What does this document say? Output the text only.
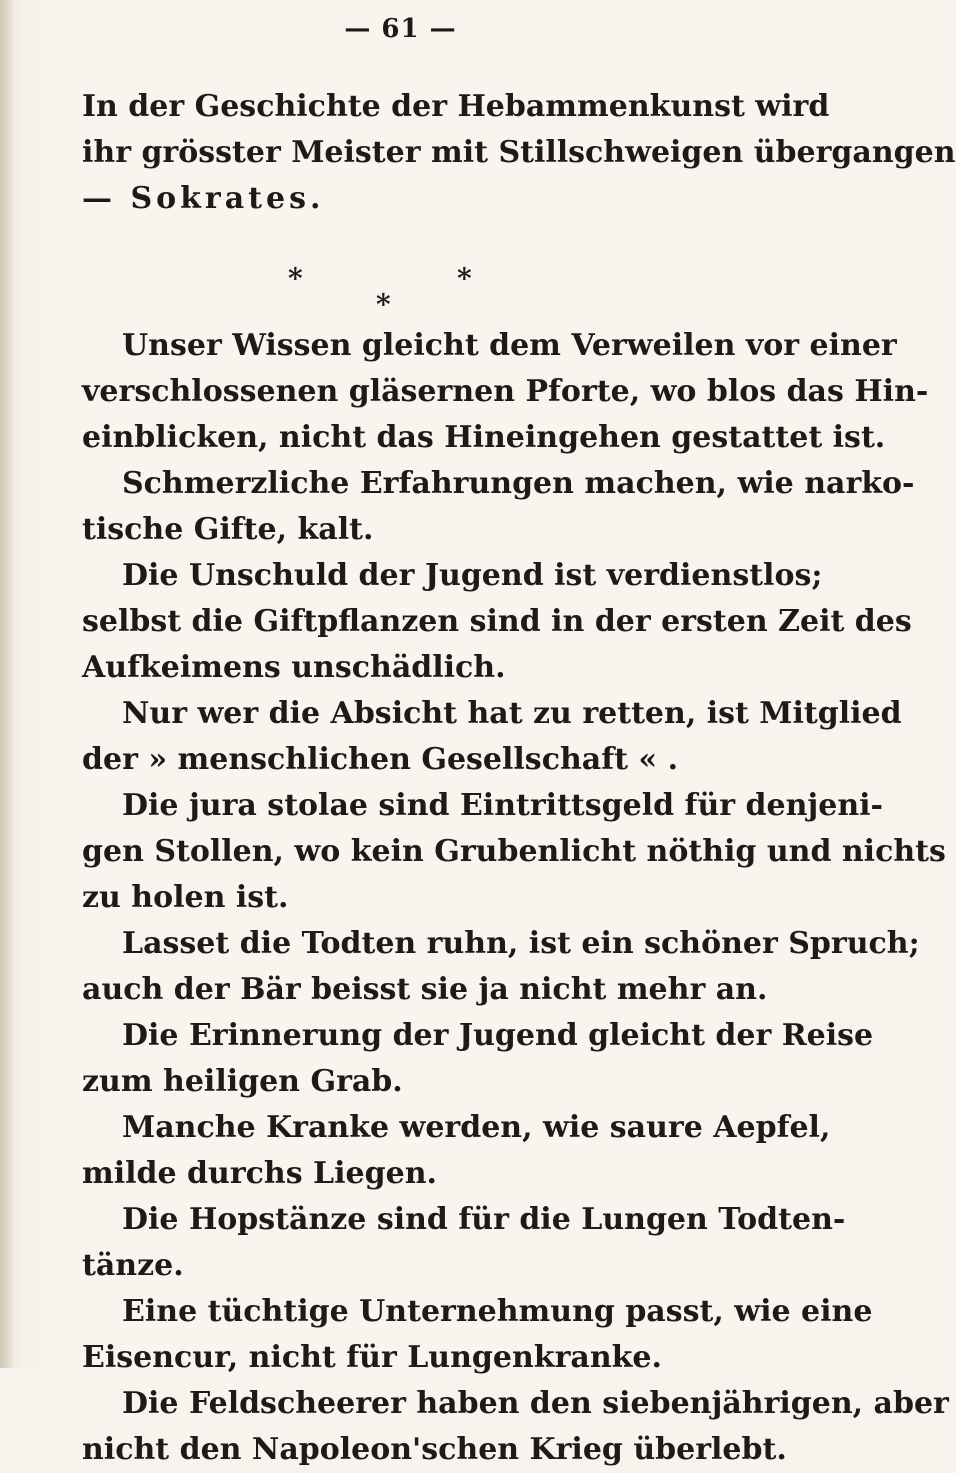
— 61 —
In der Geschichte der Hebammenkunst wird
ihr grösster Meister mit Stillschweigen übergangen
— Sokrates.
*	*
*
Unser Wissen gleicht dem Verweilen vor einer
verschlossenen gläsernen Pforte, wo blos das Hin-
einblicken, nicht das Hineingehen gestattet ist.
Schmerzliche Erfahrungen machen, wie narko-
tische Gifte, kalt.
Die Unschuld der Jugend ist verdienstlos;
selbst die Giftpflanzen sind in der ersten Zeit des
Aufkeimens unschädlich.
Nur wer die Absicht hat zu retten, ist Mitglied
der » menschlichen Gesellschaft « .
Die jura stolae sind Eintrittsgeld für denjeni-
gen Stollen, wo kein Grubenlicht nöthig und nichts
zu holen ist.
Lasset die Todten ruhn, ist ein schöner Spruch;
auch der Bär beisst sie ja nicht mehr an.
Die Erinnerung der Jugend gleicht der Reise
zum heiligen Grab.
Manche Kranke werden, wie saure Aepfel,
milde durchs Liegen.
Die Hopstänze sind für die Lungen Todten-
tänze.
Eine tüchtige Unternehmung passt, wie eine
Eisencur, nicht für Lungenkranke.
Die Feldscheerer haben den siebenjährigen, aber
nicht den Napoleon'schen Krieg überlebt.
